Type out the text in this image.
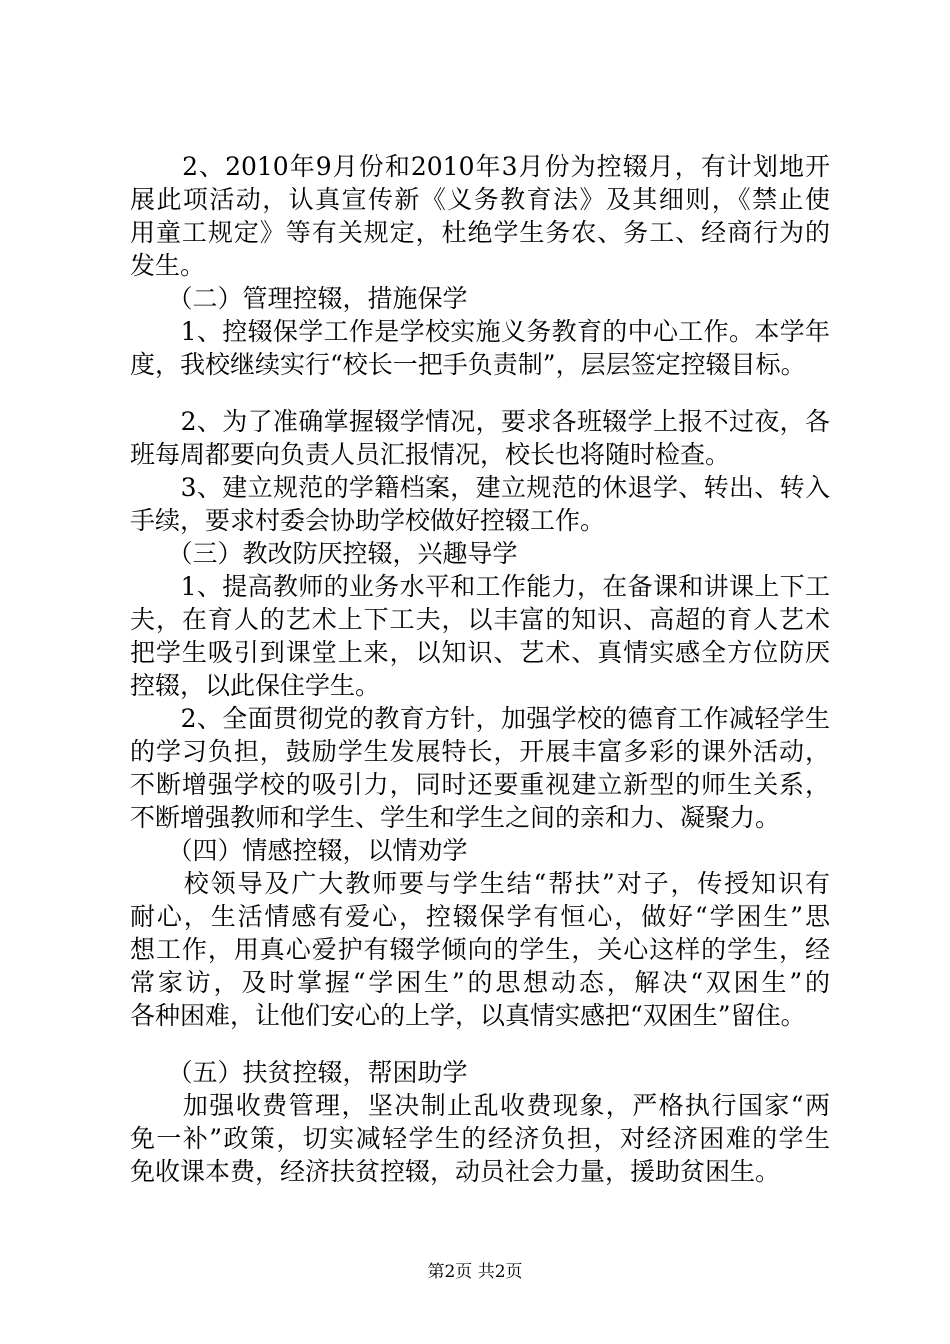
　　2、2010年9月份和2010年3月份为控辍月，有计划地开
展此项活动，认真宣传新《义务教育法》及其细则，《禁止使
用童工规定》等有关规定，杜绝学生务农、务工、经商行为的
发生。
　　（二）管理控辍，措施保学
　　1、控辍保学工作是学校实施义务教育的中心工作。本学年
度，我校继续实行“校长一把手负责制”，层层签定控辍目标。
　　2、为了准确掌握辍学情况，要求各班辍学上报不过夜，各
班每周都要向负责人员汇报情况，校长也将随时检查。
　　3、建立规范的学籍档案，建立规范的休退学、转出、转入
手续，要求村委会协助学校做好控辍工作。
　　（三）教改防厌控辍，兴趣导学
　　1、提高教师的业务水平和工作能力，在备课和讲课上下工
夫，在育人的艺术上下工夫，以丰富的知识、高超的育人艺术
把学生吸引到课堂上来，以知识、艺术、真情实感全方位防厌
控辍，以此保住学生。
　　2、全面贯彻党的教育方针，加强学校的德育工作减轻学生
的学习负担，鼓励学生发展特长，开展丰富多彩的课外活动，
不断增强学校的吸引力，同时还要重视建立新型的师生关系，
不断增强教师和学生、学生和学生之间的亲和力、凝聚力。
　　（四）情感控辍，以情劝学
　　校领导及广大教师要与学生结“帮扶”对子，传授知识有
耐心，生活情感有爱心，控辍保学有恒心，做好“学困生”思
想工作，用真心爱护有辍学倾向的学生，关心这样的学生，经
常家访，及时掌握“学困生”的思想动态，解决“双困生”的
各种困难，让他们安心的上学，以真情实感把“双困生”留住。
　　（五）扶贫控辍，帮困助学
　　加强收费管理，坚决制止乱收费现象，严格执行国家“两
免一补”政策，切实减轻学生的经济负担，对经济困难的学生
免收课本费，经济扶贫控辍，动员社会力量，援助贫困生。
第2页 共2页
